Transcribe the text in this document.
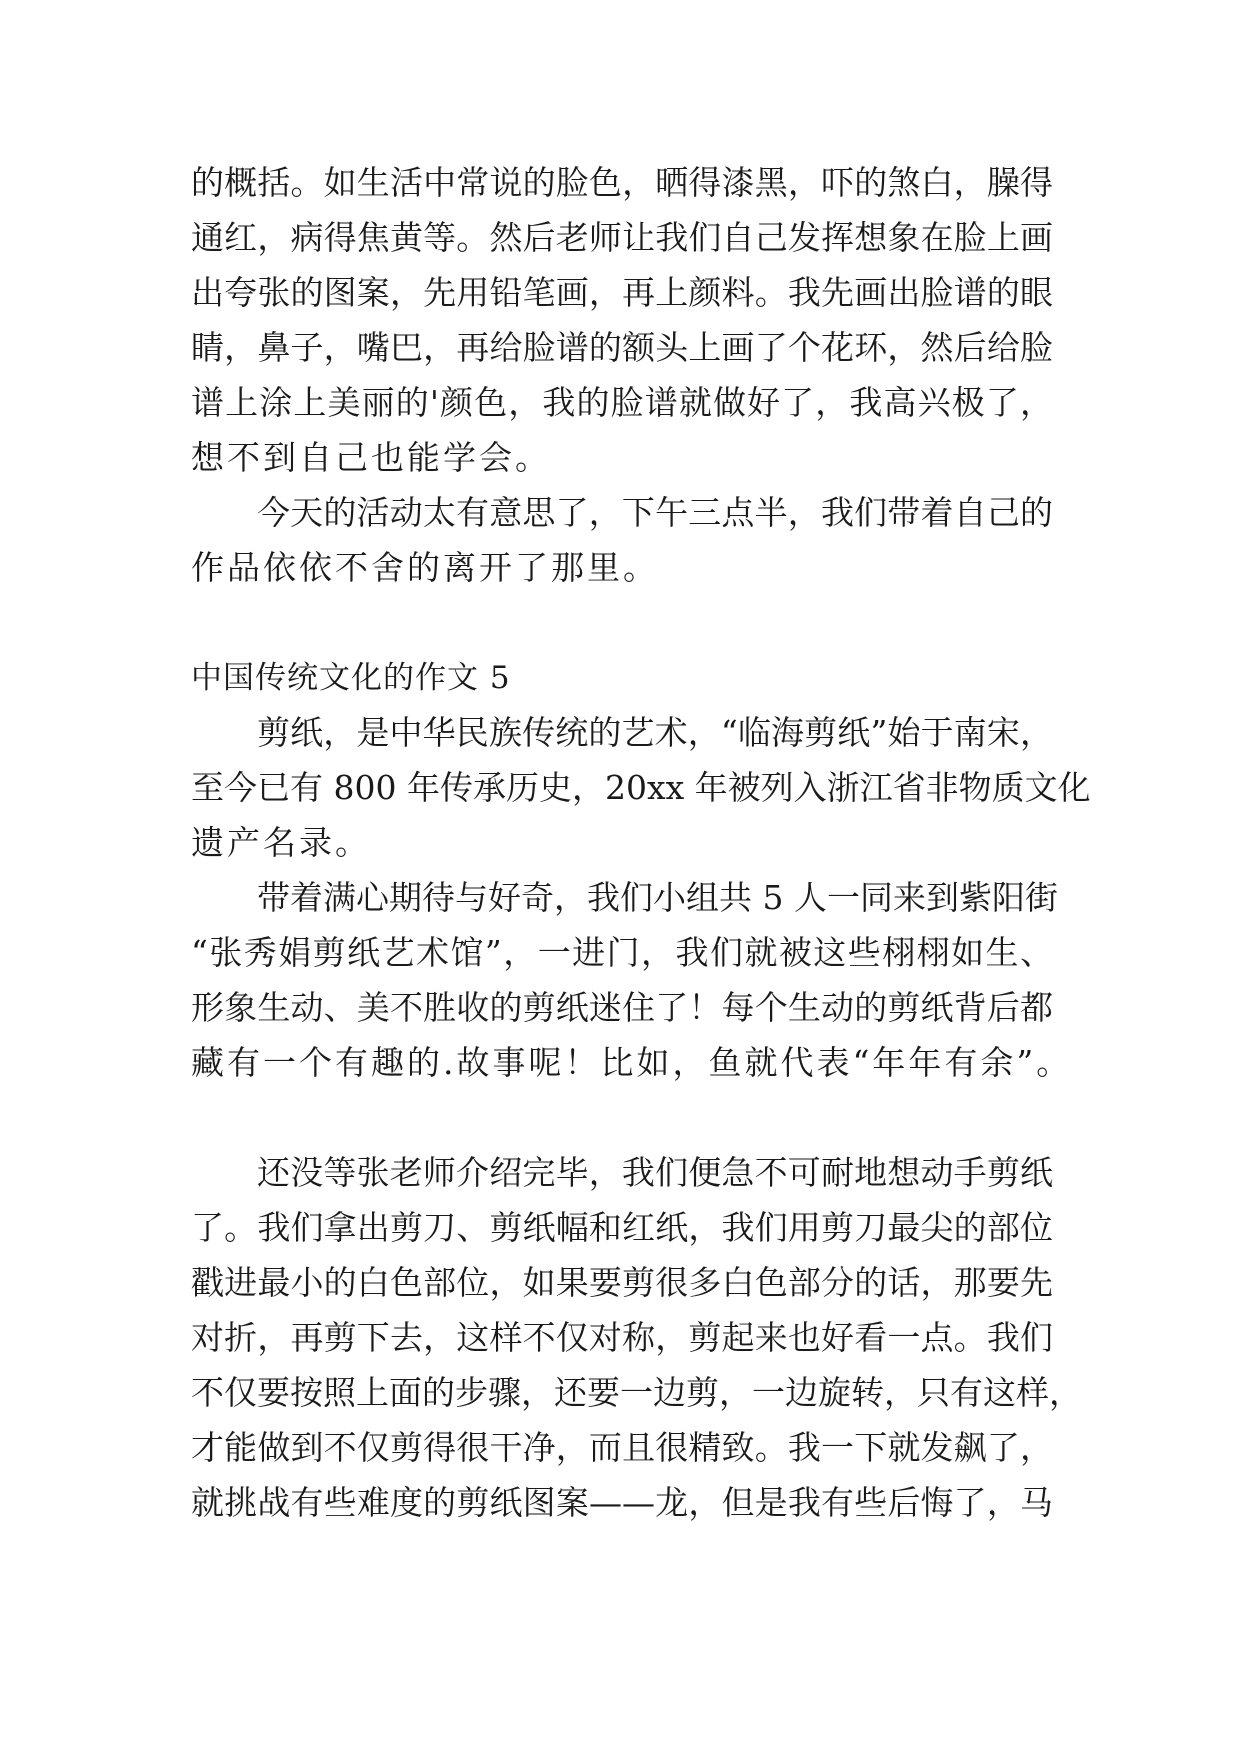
的概括。如生活中常说的脸色，晒得漆黑，吓的煞白，臊得
通红，病得焦黄等。然后老师让我们自己发挥想象在脸上画
出夸张的图案，先用铅笔画，再上颜料。我先画出脸谱的眼
睛，鼻子，嘴巴，再给脸谱的额头上画了个花环，然后给脸
谱上涂上美丽的'颜色，我的脸谱就做好了，我高兴极了，
想不到自己也能学会。
今天的活动太有意思了，下午三点半，我们带着自己的
作品依依不舍的离开了那里。
中国传统文化的作文 5
剪纸，是中华民族传统的艺术，“临海剪纸”始于南宋，
至今已有 800 年传承历史，20xx 年被列入浙江省非物质文化
遗产名录。
带着满心期待与好奇，我们小组共 5 人一同来到紫阳街
“张秀娟剪纸艺术馆”，一进门，我们就被这些栩栩如生、
形象生动、美不胜收的剪纸迷住了！每个生动的剪纸背后都
藏有一个有趣的.故事呢！比如，鱼就代表“年年有余”。
还没等张老师介绍完毕，我们便急不可耐地想动手剪纸
了。我们拿出剪刀、剪纸幅和红纸，我们用剪刀最尖的部位
戳进最小的白色部位，如果要剪很多白色部分的话，那要先
对折，再剪下去，这样不仅对称，剪起来也好看一点。我们
不仅要按照上面的步骤，还要一边剪，一边旋转，只有这样，
才能做到不仅剪得很干净，而且很精致。我一下就发飙了，
就挑战有些难度的剪纸图案——龙，但是我有些后悔了，马
